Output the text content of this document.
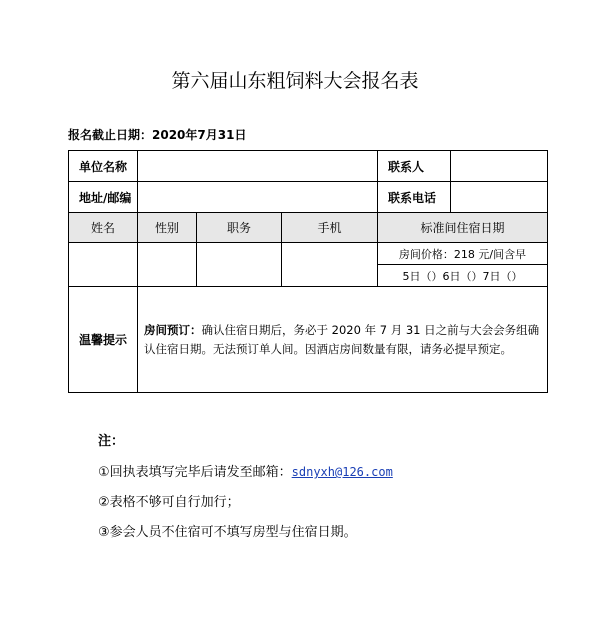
第六届山东粗饲料大会报名表
报名截止日期：2020年7月31日
单位名称				联系人	
地址/邮编				联系电话	
姓名	性别	职务	手机	标准间住宿日期	
				房间价格：218 元/间含早	
				5日（）6日（）7日（）	
温馨提示	房间预订：确认住宿日期后，务必于 2020 年 7 月 31 日之前与大会会务组确认住宿日期。无法预订单人间。因酒店房间数量有限，请务必提早预定。				
注：
①回执表填写完毕后请发至邮箱：sdnyxh@126.com
②表格不够可自行加行；
③参会人员不住宿可不填写房型与住宿日期。
